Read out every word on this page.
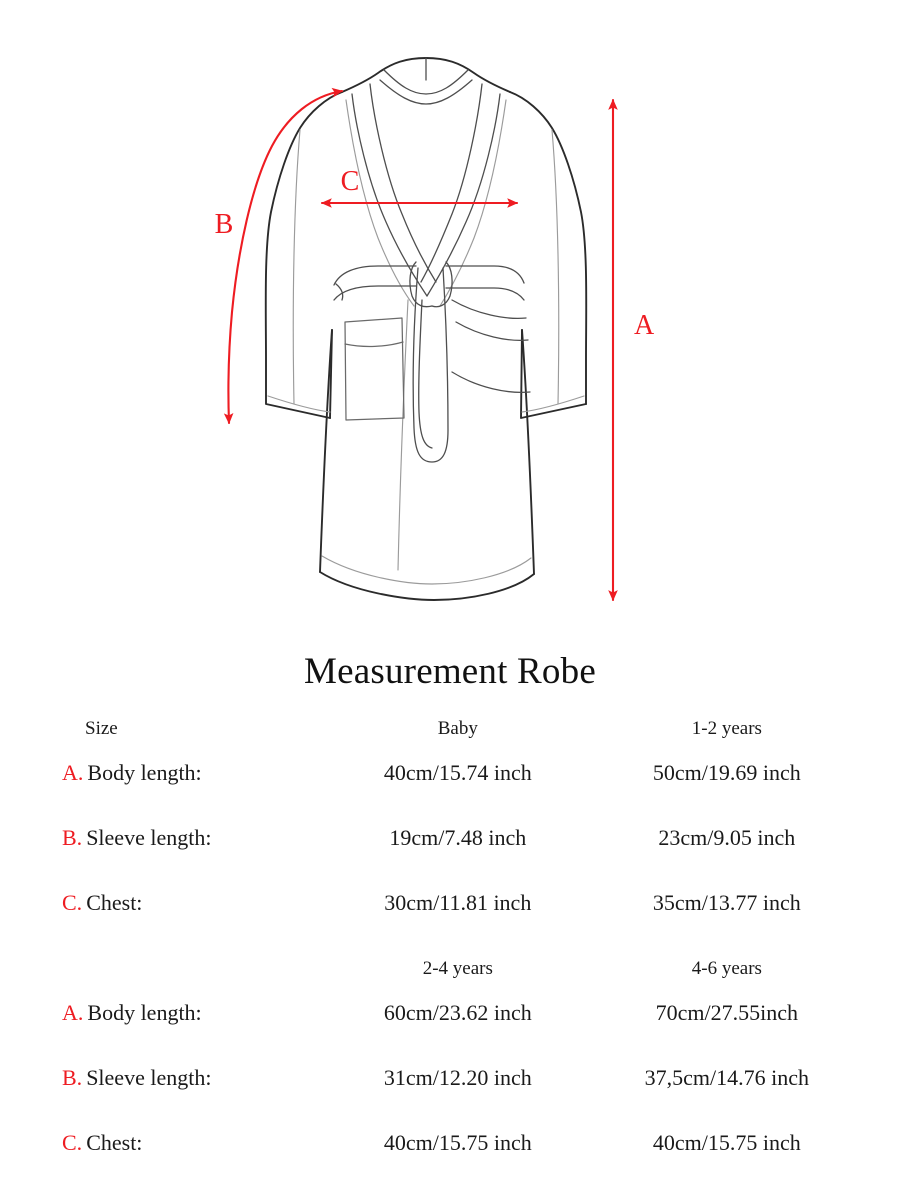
A
B
C
Measurement Robe
Size	Baby	1-2 years	
A. Body length:	40cm/15.74 inch	50cm/19.69 inch	
B. Sleeve length:	19cm/7.48 inch	23cm/9.05 inch	
C. Chest:	30cm/11.81 inch	35cm/13.77 inch	
	2-4 years	4-6 years	
A. Body length:	60cm/23.62 inch	70cm/27.55inch	
B. Sleeve length:	31cm/12.20 inch	37,5cm/14.76 inch	
C. Chest:	40cm/15.75 inch	40cm/15.75 inch	
